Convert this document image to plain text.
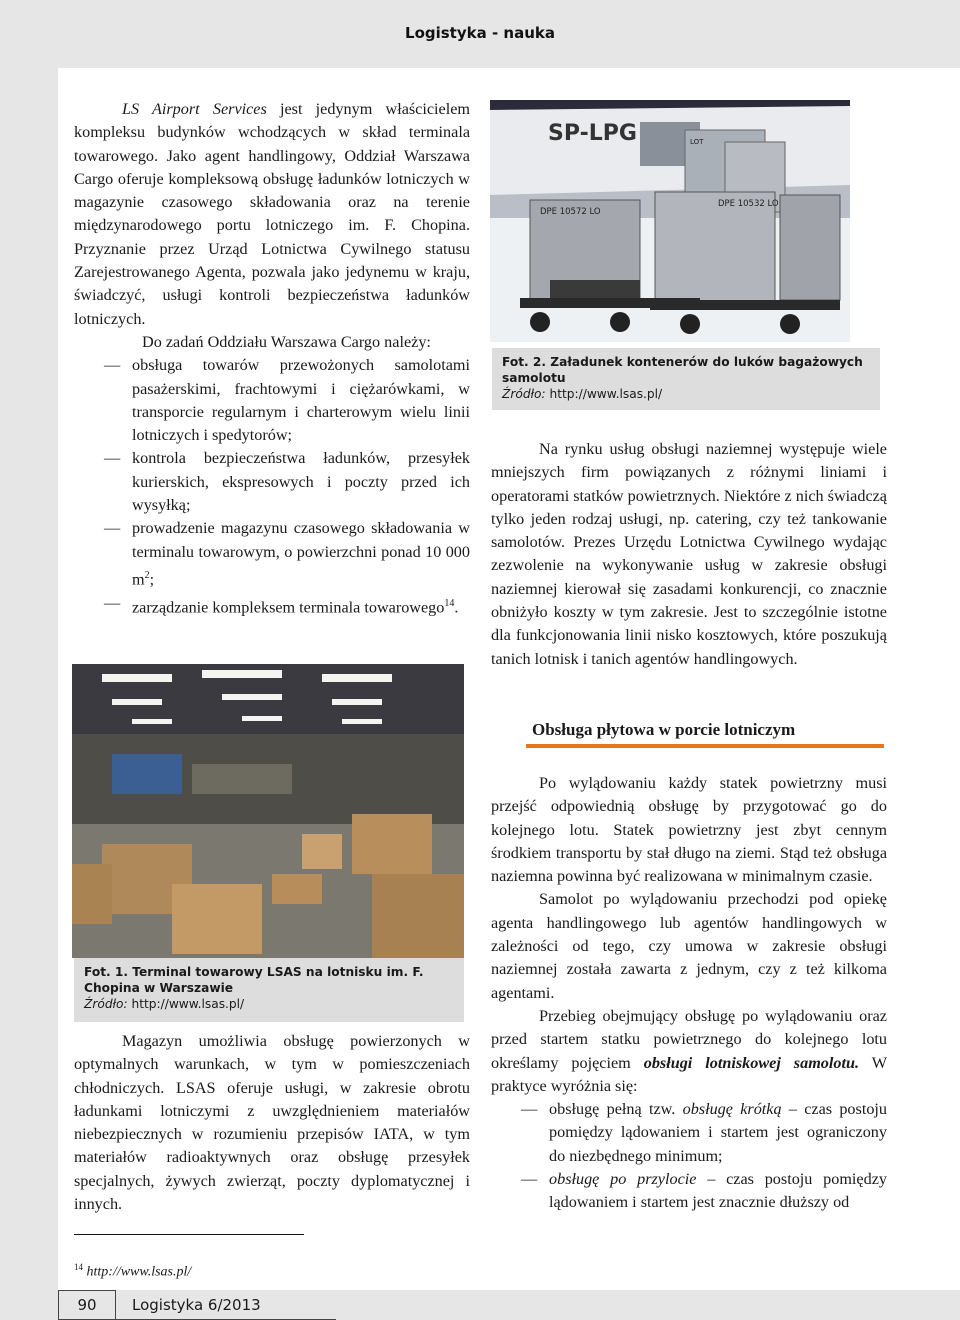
Logistyka - nauka

LS Airport Services jest jedynym właścicielem kompleksu budynków wchodzących w skład terminala towarowego. Jako agent handlingowy, Oddział Warszawa Cargo oferuje kompleksową obsługę ładunków lotniczych w magazynie czasowego składowania oraz na terenie międzynarodowego portu lotniczego im. F. Chopina. Przyznanie przez Urząd Lotnictwa Cywilnego statusu Zarejestrowanego Agenta, pozwala jako jedynemu w kraju, świadczyć, usługi kontroli bezpieczeństwa ładunków lotniczych.

Do zadań Oddziału Warszawa Cargo należy:

— obsługa towarów przewożonych samolotami pasażerskimi, frachtowymi i ciężarówkami, w transporcie regularnym i charterowym wielu linii lotniczych i spedytorów;
— kontrola bezpieczeństwa ładunków, przesyłek kurierskich, ekspresowych i poczty przed ich wysyłką;
— prowadzenie magazynu czasowego składowania w terminalu towarowym, o powierzchni ponad 10 000 $m^2$;
— zarządzanie kompleksem terminala towarowego$^{14}$.
SP-LPG
DPE 10572 LO
LOT
DPE 10532 LO
Fot. 2. Załadunek kontenerów do luków bagażowych samolotu
Źródło: http://www.lsas.pl/

Na rynku usług obsługi naziemnej występuje wiele mniejszych firm powiązanych z różnymi liniami i operatorami statków powietrznych. Niektóre z nich świadczą tylko jeden rodzaj usługi, np. catering, czy też tankowanie samolotów. Prezes Urzędu Lotnictwa Cywilnego wydając zezwolenie na wykonywanie usług w zakresie obsługi naziemnej kierował się zasadami konkurencji, co znacznie obniżyło koszty w tym zakresie. Jest to szczególnie istotne dla funkcjonowania linii nisko kosztowych, które poszukują tanich lotnisk i tanich agentów handlingowych.

Obsługa płytowa w porcie lotniczym

Po wylądowaniu każdy statek powietrzny musi przejść odpowiednią obsługę by przygotować go do kolejnego lotu. Statek powietrzny jest zbyt cennym środkiem transportu by stał długo na ziemi. Stąd też obsługa naziemna powinna być realizowana w minimalnym czasie.

Samolot po wylądowaniu przechodzi pod opiekę agenta handlingowego lub agentów handlingowych w zależności od tego, czy umowa w zakresie obsługi naziemnej została zawarta z jednym, czy z też kilkoma agentami.

Przebieg obejmujący obsługę po wylądowaniu oraz przed startem statku powietrznego do kolejnego lotu określamy pojęciem obsługi lotniskowej samolotu. W praktyce wyróżnia się:

— obsługę pełną tzw. obsługę krótką – czas postoju pomiędzy lądowaniem i startem jest ograniczony do niezbędnego minimum;
— obsługę po przylocie – czas postoju pomiędzy lądowaniem i startem jest znacznie dłuższy od
Fot. 1. Terminal towarowy LSAS na lotnisku im. F. Chopina w Warszawie
Źródło: http://www.lsas.pl/

Magazyn umożliwia obsługę powierzonych w optymalnych warunkach, w tym w pomieszczeniach chłodniczych. LSAS oferuje usługi, w zakresie obrotu ładunkami lotniczymi z uwzględnieniem materiałów niebezpiecznych w rozumieniu przepisów IATA, w tym materiałów radioaktywnych oraz obsługę przesyłek specjalnych, żywych zwierząt, poczty dyplomatycznej i innych.

$^{14}$ http://www.lsas.pl/
90	Logistyka 6/2013
